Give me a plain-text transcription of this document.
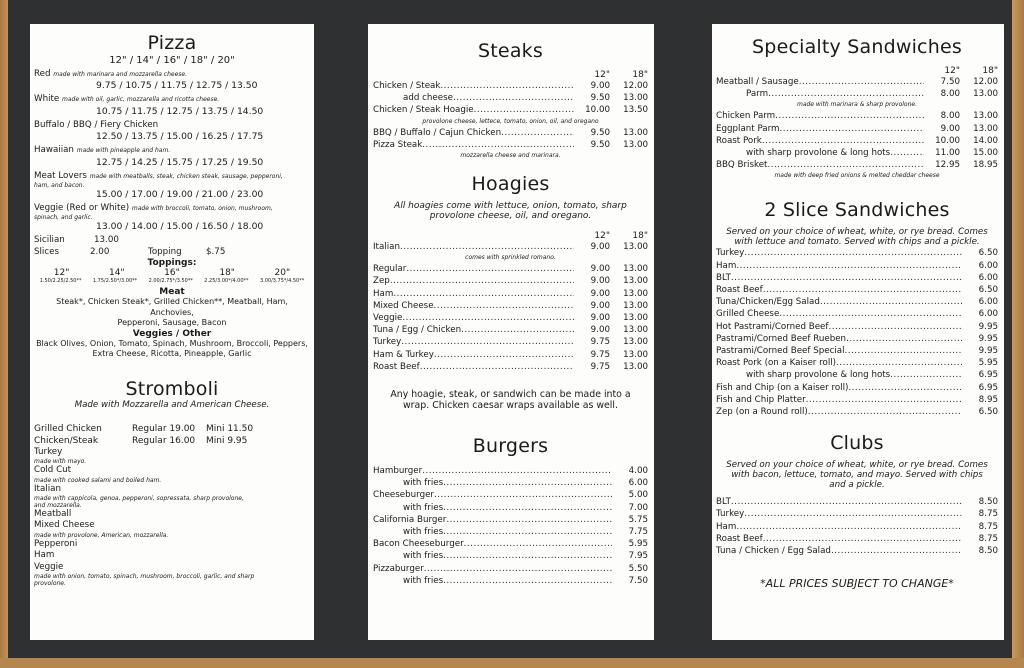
Pizza
12" / 14" / 16" / 18" / 20"
Red made with marinara and mozzarella cheese.
9.75 / 10.75 / 11.75 / 12.75 / 13.50
White made with oil, garlic, mozzarella and ricotta cheese.
10.75 / 11.75 / 12.75 / 13.75 / 14.50
Buffalo / BBQ / Fiery Chicken
12.50 / 13.75 / 15.00 / 16.25 / 17.75
Hawaiian made with pineapple and ham.
12.75 / 14.25 / 15.75 / 17.25 / 19.50
Meat Lovers made with meatballs, steak, chicken steak, sausage, pepperoni,
ham, and bacon.
15.00 / 17.00 / 19.00 / 21.00 / 23.00
Veggie (Red or White) made with broccoli, tomato, onion, mushroom,
spinach, and garlic.
13.00 / 14.00 / 15.00 / 16.50 / 18.00
Sicilian	13.00
Slices	2.00	Topping	$.75
Toppings:
12"	14"	16"	18"	20"
1.50/2.25/2.50** 1.75/2.50*/3.00** 2.00/2.75*/3.50** 2.25/3.00*/4.00** 3.00/3.75*/4.50**
Meat
Steak*, Chicken Steak*, Grilled Chicken**, Meatball, Ham, Anchovies,
Pepperoni, Sausage, Bacon
Veggies / Other
Black Olives, Onion, Tomato, Spinach, Mushroom, Broccoli, Peppers,
Extra Cheese, Ricotta, Pineapple, Garlic
Stromboli
Made with Mozzarella and American Cheese.
Grilled Chicken	Regular 19.00	Mini 11.50
Chicken/Steak	Regular 16.00	Mini 9.95
Turkey
made with mayo.
Cold Cut
made with cooked salami and boiled ham.
Italian
made with cappicola, genoa, pepperoni, sopressata, sharp provolone,
and mozzarella.
Meatball
Mixed Cheese
made with provolone, American, mozzarella.
Pepperoni
Ham
Veggie
made with onion, tomato, spinach, mushroom, broccoli, garlic, and sharp
provolone.
Steaks
12"	18"
Chicken / Steak .....	9.00	12.00
add cheese .....	9.50	13.00
Chicken / Steak Hoagie .....	10.00	13.50
provolone cheese, lettece, tomato, onion, oil, and oregano
BBQ / Buffalo / Cajun Chicken .....	9.50	13.00
Pizza Steak .....	9.50	13.00
mozzarella cheese and marinara.
Hoagies
All hoagies come with lettuce, onion, tomato, sharp
provolone cheese, oil, and oregano.
12"	18"
Italian .....	9.00	13.00
comes with sprinkled romano.
Regular .....	9.00	13.00
Zep .....	9.00	13.00
Ham .....	9.00	13.00
Mixed Cheese .....	9.00	13.00
Veggie .....	9.00	13.00
Tuna / Egg / Chicken .....	9.00	13.00
Turkey .....	9.75	13.00
Ham & Turkey .....	9.75	13.00
Roast Beef .....	9.75	13.00
Any hoagie, steak, or sandwich can be made into a
wrap. Chicken caesar wraps available as well.
Burgers
Hamburger .....	4.00
with fries .....	6.00
Cheeseburger .....	5.00
with fries .....	7.00
California Burger .....	5.75
with fries .....	7.75
Bacon Cheeseburger .....	5.95
with fries .....	7.95
Pizzaburger .....	5.50
with fries .....	7.50
Specialty Sandwiches
12"	18"
Meatball / Sausage .....	7.50	12.00
Parm .....	8.00	13.00
made with marinara & sharp provolone.
Chicken Parm .....	8.00	13.00
Eggplant Parm .....	9.00	13.00
Roast Pork .....	10.00	14.00
with sharp provolone & long hots .....	11.00	15.00
BBQ Brisket .....	12.95	18.95
made with deep fried onions & melted cheddar cheese
2 Slice Sandwiches
Served on your choice of wheat, white, or rye bread. Comes
with lettuce and tomato. Served with chips and a pickle.
Turkey .....	6.50
Ham .....	6.00
BLT .....	6.00
Roast Beef .....	6.50
Tuna/Chicken/Egg Salad .....	6.00
Grilled Cheese .....	6.00
Hot Pastrami/Corned Beef .....	9.95
Pastrami/Corned Beef Rueben .....	9.95
Pastrami/Corned Beef Special .....	9.95
Roast Pork (on a Kaiser roll) .....	5.95
with sharp provolone & long hots .....	6.95
Fish and Chip (on a Kaiser roll) .....	6.95
Fish and Chip Platter .....	8.95
Zep (on a Round roll) .....	6.50
Clubs
Served on your choice of wheat, white, or rye bread. Comes
with bacon, lettuce, tomato, and mayo. Served with chips
and a pickle.
BLT .....	8.50
Turkey .....	8.75
Ham .....	8.75
Roast Beef .....	8.75
Tuna / Chicken / Egg Salad .....	8.50
*ALL PRICES SUBJECT TO CHANGE*
